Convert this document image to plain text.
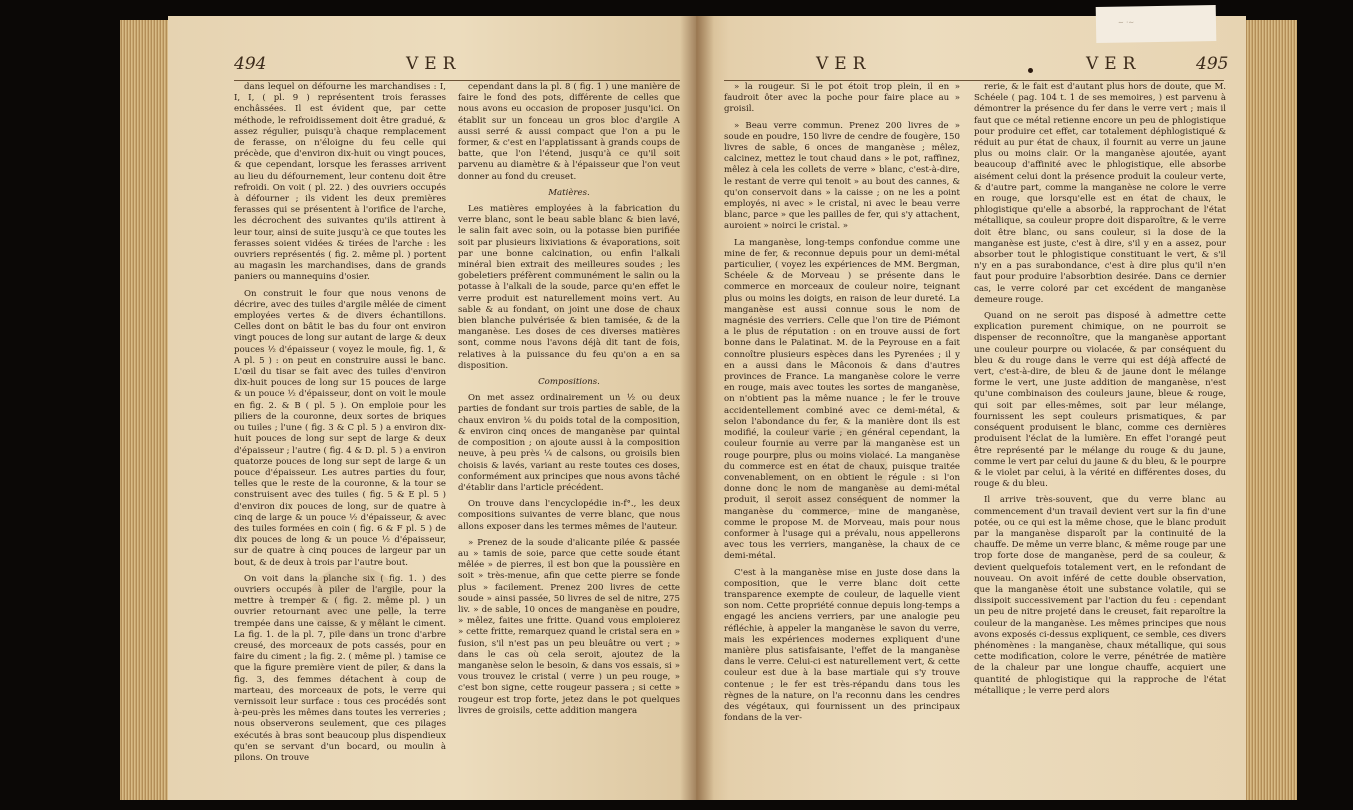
494	VER

dans lequel on défourne les marchandises : I, I, I, ( pl. 9 ) représentent trois ferasses enchâssées. Il est évident que, par cette méthode, le refroidissement doit être gradué, & assez régulier, puisqu'à chaque remplacement de ferasse, on n'éloigne du feu celle qui précède, que d'environ dix-huit ou vingt pouces, & que cependant, lorsque les ferasses arrivent au lieu du défournement, leur contenu doit être refroidi. On voit ( pl. 22. ) des ouvriers occupés à défourner ; ils vident les deux premières ferasses qui se présentent à l'orifice de l'arche, les décrochent des suivantes qu'ils attirent à leur tour, ainsi de suite jusqu'à ce que toutes les ferasses soient vidées & tirées de l'arche : les ouvriers représentés ( fig. 2. même pl. ) portent au magasin les marchandises, dans de grands paniers ou mannequins d'osier.

On construit le four que nous venons de décrire, avec des tuiles d'argile mêlée de ciment employées vertes & de divers échantillons. Celles dont on bâtit le bas du four ont environ vingt pouces de long sur autant de large & deux pouces ½ d'épaisseur ( voyez le moule, fig. 1, & A pl. 5 ) : on peut en construire aussi le banc. L'œil du tisar se fait avec des tuiles d'environ dix-huit pouces de long sur 15 pouces de large & un pouce ½ d'épaisseur, dont on voit le moule en fig. 2. & B ( pl. 5 ). On emploie pour les piliers de la couronne, deux sortes de briques ou tuiles ; l'une ( fig. 3 & C pl. 5 ) a environ dix-huit pouces de long sur sept de large & deux d'épaisseur ; l'autre ( fig. 4 & D. pl. 5 ) a environ quatorze pouces de long sur sept de large & un pouce d'épaisseur. Les autres parties du four, telles que le reste de la couronne, & la tour se construisent avec des tuiles ( fig. 5 & E pl. 5 ) d'environ dix pouces de long, sur de quatre à cinq de large & un pouce ½ d'épaisseur, & avec des tuiles formées en coin ( fig. 6 & F pl. 5 ) de dix pouces de long & un pouce ½ d'épaisseur, sur de quatre à cinq pouces de largeur par un bout, & de deux à trois par l'autre bout.

On voit dans la planche six ( fig. 1. ) des ouvriers occupés à piler de l'argile, pour la mettre à tremper & ( fig. 2. même pl. ) un ouvrier retournant avec une pelle, la terre trempée dans une caisse, & y mêlant le ciment. La fig. 1. de la pl. 7, pile dans un tronc d'arbre creusé, des morceaux de pots cassés, pour en faire du ciment ; la fig. 2. ( même pl. ) tamise ce que la figure première vient de piler, & dans la fig. 3, des femmes détachent à coup de marteau, des morceaux de pots, le verre qui vernissoit leur surface : tous ces procédés sont à-peu-près les mêmes dans toutes les verreries ; nous observerons seulement, que ces pilages exécutés à bras sont beaucoup plus dispendieux qu'en se servant d'un bocard, ou moulin à pilons. On trouve

cependant dans la pl. 8 ( fig. 1 ) une manière de faire le fond des pots, différente de celles que nous avons eu occasion de proposer jusqu'ici. On établit sur un fonceau un gros bloc d'argile A aussi serré & aussi compact que l'on a pu le former, & c'est en l'applatissant à grands coups de batte, que l'on l'étend, jusqu'à ce qu'il soit parvenu au diamètre & à l'épaisseur que l'on veut donner au fond du creuset.

Matières.

Les matières employées à la fabrication du verre blanc, sont le beau sable blanc & bien lavé, le salin fait avec soin, ou la potasse bien purifiée soit par plusieurs lixiviations & évaporations, soit par une bonne calcination, ou enfin l'alkali minéral bien extrait des meilleures soudes ; les gobeletiers préfèrent communément le salin ou la potasse à l'alkali de la soude, parce qu'en effet le verre produit est naturellement moins vert. Au sable & au fondant, on joint une dose de chaux bien blanche pulvérisée & bien tamisée, & de la manganèse. Les doses de ces diverses matières sont, comme nous l'avons déjà dit tant de fois, relatives à la puissance du feu qu'on a en sa disposition.

Compositions.

On met assez ordinairement un ½ ou deux parties de fondant sur trois parties de sable, de la chaux environ ⅙ du poids total de la composition, & environ cinq onces de manganèse par quintal de composition ; on ajoute aussi à la composition neuve, à peu près ¼ de calsons, ou groisils bien choisis & lavés, variant au reste toutes ces doses, conformément aux principes que nous avons tâché d'établir dans l'article précédent.

On trouve dans l'encyclopédie in-f°., les deux compositions suivantes de verre blanc, que nous allons exposer dans les termes mêmes de l'auteur.

» Prenez de la soude d'alicante pilée & passée au » tamis de soie, parce que cette soude étant mêlée » de pierres, il est bon que la poussière en soit » très-menue, afin que cette pierre se fonde plus » facilement. Prenez 200 livres de cette soude » ainsi passée, 50 livres de sel de nitre, 275 liv. » de sable, 10 onces de manganèse en poudre, » mêlez, faites une fritte. Quand vous emploierez » cette fritte, remarquez quand le cristal sera en » fusion, s'il n'est pas un peu bleuâtre ou vert ; » dans le cas où cela seroit, ajoutez de la manganèse selon le besoin, & dans vos essais, si » vous trouvez le cristal ( verre ) un peu rouge, » c'est bon signe, cette rougeur passera ; si cette » rougeur est trop forte, jetez dans le pot quelques livres de groisils, cette addition mangera

VER	VER	495

» la rougeur. Si le pot étoit trop plein, il en » faudroit ôter avec la poche pour faire place au » groisil.

» Beau verre commun. Prenez 200 livres de » soude en poudre, 150 livre de cendre de fougère, 150 livres de sable, 6 onces de manganèse ; mêlez, calcinez, mettez le tout chaud dans » le pot, raffinez, mêlez à cela les collets de verre » blanc, c'est-à-dire, le restant de verre qui tenoit » au bout des cannes, & qu'on conservoit dans » la caisse ; on ne les a point employés, ni avec » le cristal, ni avec le beau verre blanc, parce » que les pailles de fer, qui s'y attachent, auroient » noirci le cristal. »

La manganèse, long-temps confondue comme une mine de fer, & reconnue depuis pour un demi-métal particulier, ( voyez les expériences de MM. Bergman, Schéele & de Morveau ) se présente dans le commerce en morceaux de couleur noire, teignant plus ou moins les doigts, en raison de leur dureté. La manganèse est aussi connue sous le nom de magnésie des verriers. Celle que l'on tire de Piémont a le plus de réputation : on en trouve aussi de fort bonne dans le Palatinat. M. de la Peyrouse en a fait connoître plusieurs espèces dans les Pyrenées ; il y en a aussi dans le Mâconois & dans d'autres provinces de France. La manganèse colore le verre en rouge, mais avec toutes les sortes de manganèse, on n'obtient pas la même nuance ; le fer le trouve accidentellement combiné avec ce demi-métal, & selon l'abondance du fer, & la manière dont ils est modifié, la couleur varie ; en général cependant, la couleur fournie au verre par la manganèse est un rouge pourpre, plus ou moins violacé. La manganèse du commerce est en état de chaux, puisque traitée convenablement, on en obtient le régule : si l'on donne donc le nom de manganèse au demi-métal produit, il seroit assez conséquent de nommer la manganèse du commerce, mine de manganèse, comme le propose M. de Morveau, mais pour nous conformer à l'usage qui a prévalu, nous appellerons avec tous les verriers, manganèse, la chaux de ce demi-métal.

C'est à la manganèse mise en juste dose dans la composition, que le verre blanc doit cette transparence exempte de couleur, de laquelle vient son nom. Cette propriété connue depuis long-temps a engagé les anciens verriers, par une analogie peu réfléchie, à appeler la manganèse le savon du verre, mais les expériences modernes expliquent d'une manière plus satisfaisante, l'effet de la manganèse dans le verre. Celui-ci est naturellement vert, & cette couleur est due à la base martiale qui s'y trouve contenue ; le fer est très-répandu dans tous les règnes de la nature, on l'a reconnu dans les cendres des végétaux, qui fournissent un des principaux fondans de la ver-

rerie, & le fait est d'autant plus hors de doute, que M. Schéele ( pag. 104 t. 1 de ses memoires, ) est parvenu à démontrer la présence du fer dans le verre vert ; mais il faut que ce métal retienne encore un peu de phlogistique pour produire cet effet, car totalement déphlogistiqué & réduit au pur état de chaux, il fournit au verre un jaune plus ou moins clair. Or la manganèse ajoutée, ayant beaucoup d'affinité avec le phlogistique, elle absorbe aisément celui dont la présence produit la couleur verte, & d'autre part, comme la manganèse ne colore le verre en rouge, que lorsqu'elle est en état de chaux, le phlogistique qu'elle a absorbé, la rapprochant de l'état métallique, sa couleur propre doit disparoître, & le verre doit être blanc, ou sans couleur, si la dose de la manganèse est juste, c'est à dire, s'il y en a assez, pour absorber tout le phlogistique constituant le vert, & s'il n'y en a pas surabondance, c'est à dire plus qu'il n'en faut pour produire l'absorbtion desirée. Dans ce dernier cas, le verre coloré par cet excédent de manganèse demeure rouge.

Quand on ne seroit pas disposé à admettre cette explication purement chimique, on ne pourroit se dispenser de reconnoître, que la manganèse apportant une couleur pourpre ou violacée, & par conséquent du bleu & du rouge dans le verre qui est déjà affecté de vert, c'est-à-dire, de bleu & de jaune dont le mélange forme le vert, une juste addition de manganèse, n'est qu'une combinaison des couleurs jaune, bleue & rouge, qui soit par elles-mêmes, soit par leur mélange, fournissent les sept couleurs prismatiques, & par conséquent produisent le blanc, comme ces dernières produisent l'éclat de la lumière. En effet l'orangé peut être représenté par le mélange du rouge & du jaune, comme le vert par celui du jaune & du bleu, & le pourpre & le violet par celui, à la vérité en différentes doses, du rouge & du bleu.

Il arrive très-souvent, que du verre blanc au commencement d'un travail devient vert sur la fin d'une potée, ou ce qui est la même chose, que le blanc produit par la manganèse disparoît par la continuité de la chauffe. De même un verre blanc, & même rouge par une trop forte dose de manganèse, perd de sa couleur, & devient quelquefois totalement vert, en le refondant de nouveau. On avoit inféré de cette double observation, que la manganèse étoit une substance volatile, qui se dissipoit successivement par l'action du feu : cependant un peu de nitre projeté dans le creuset, fait reparoître la couleur de la manganèse. Les mêmes principes que nous avons exposés ci-dessus expliquent, ce semble, ces divers phénomènes : la manganèse, chaux métallique, qui sous cette modification, colore le verre, pénétrée de matière de la chaleur par une longue chauffe, acquiert une quantité de phlogistique qui la rapproche de l'état métallique ; le verre perd alors

~ ·~
